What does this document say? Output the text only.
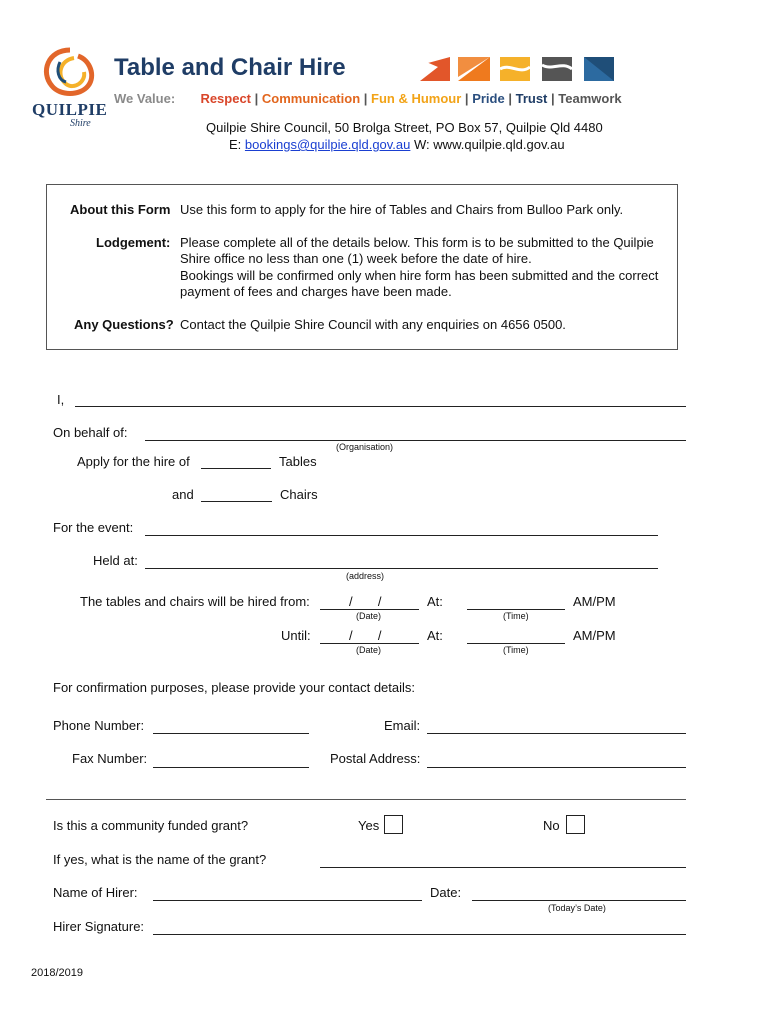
QUILPIE
Shire
Table and Chair Hire
We Value: Respect | Communication | Fun & Humour | Pride | Trust | Teamwork
Quilpie Shire Council, 50 Brolga Street, PO Box 57, Quilpie Qld 4480
E: bookings@quilpie.qld.gov.au W: www.quilpie.qld.gov.au
About this Form Use this form to apply for the hire of Tables and Chairs from Bulloo Park only.
Lodgement: Please complete all of the details below. This form is to be submitted to the Quilpie
Shire office no less than one (1) week before the date of hire.
Bookings will be confirmed only when hire form has been submitted and the correct
payment of fees and charges have been made.
Any Questions? Contact the Quilpie Shire Council with any enquiries on 4656 0500.
I,
On behalf of:
(Organisation)
Apply for the hire of	Tables
and	Chairs
For the event:
Held at:
(address)
The tables and chairs will be hired from:	/       /
(Date)
At:
(Time)
AM/PM
Until:	/       /
(Date)
At:
(Time)
AM/PM
For confirmation purposes, please provide your contact details:
Phone Number:	Email:
Fax Number:	Postal Address:
Is this a community funded grant?	Yes	No
If yes, what is the name of the grant?
Name of Hirer:	Date:
(Today’s Date)
Hirer Signature:
2018/2019
